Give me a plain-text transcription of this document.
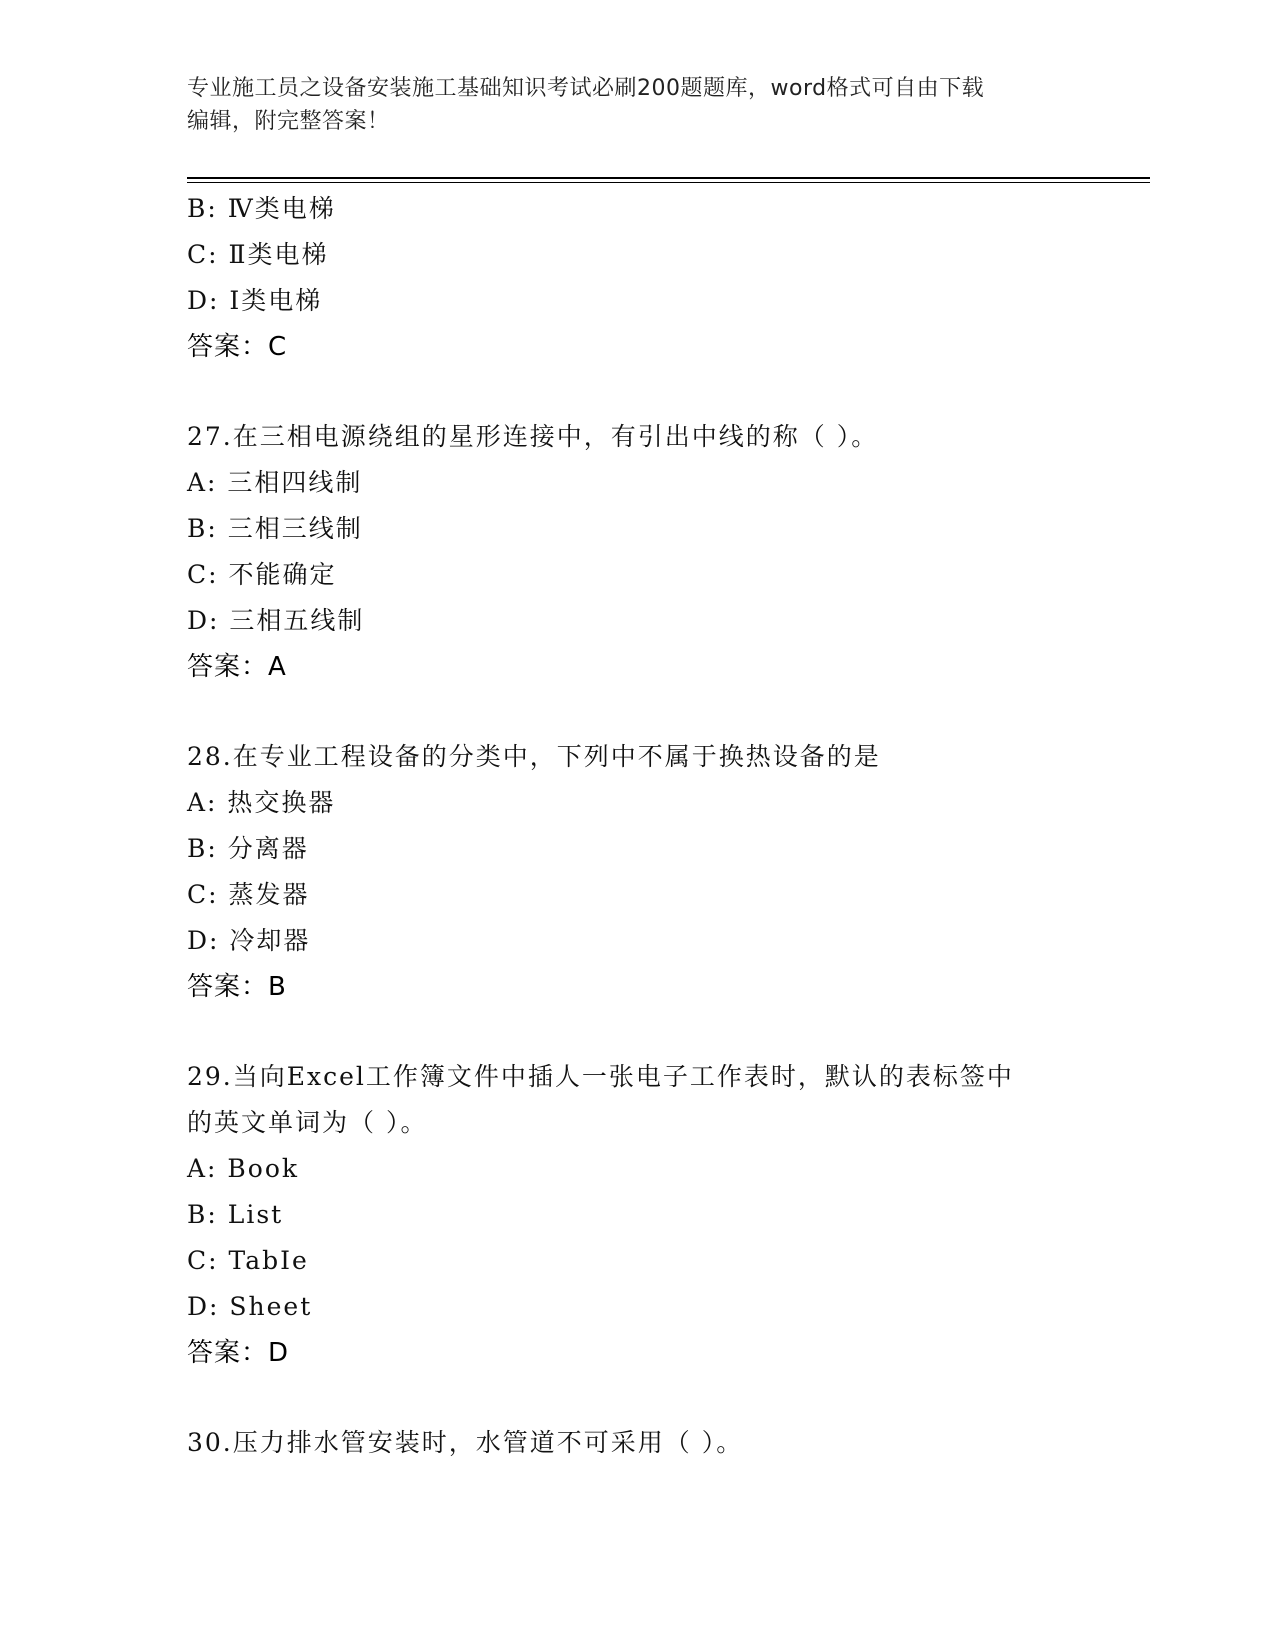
专业施工员之设备安装施工基础知识考试必刷200题题库，word格式可自由下载
编辑，附完整答案！
B: Ⅳ类电梯
C: Ⅱ类电梯
D: Ⅰ类电梯
答案：C
27.在三相电源绕组的星形连接中，有引出中线的称（ ）。
A: 三相四线制
B: 三相三线制
C: 不能确定
D: 三相五线制
答案：A
28.在专业工程设备的分类中，下列中不属于换热设备的是
A: 热交换器
B: 分离器
C: 蒸发器
D: 冷却器
答案：B
29.当向Excel工作簿文件中插人一张电子工作表时，默认的表标签中
的英文单词为（ ）。
A: Book
B: List
C: TabIe
D: Sheet
答案：D
30.压力排水管安装时，水管道不可采用（ ）。
